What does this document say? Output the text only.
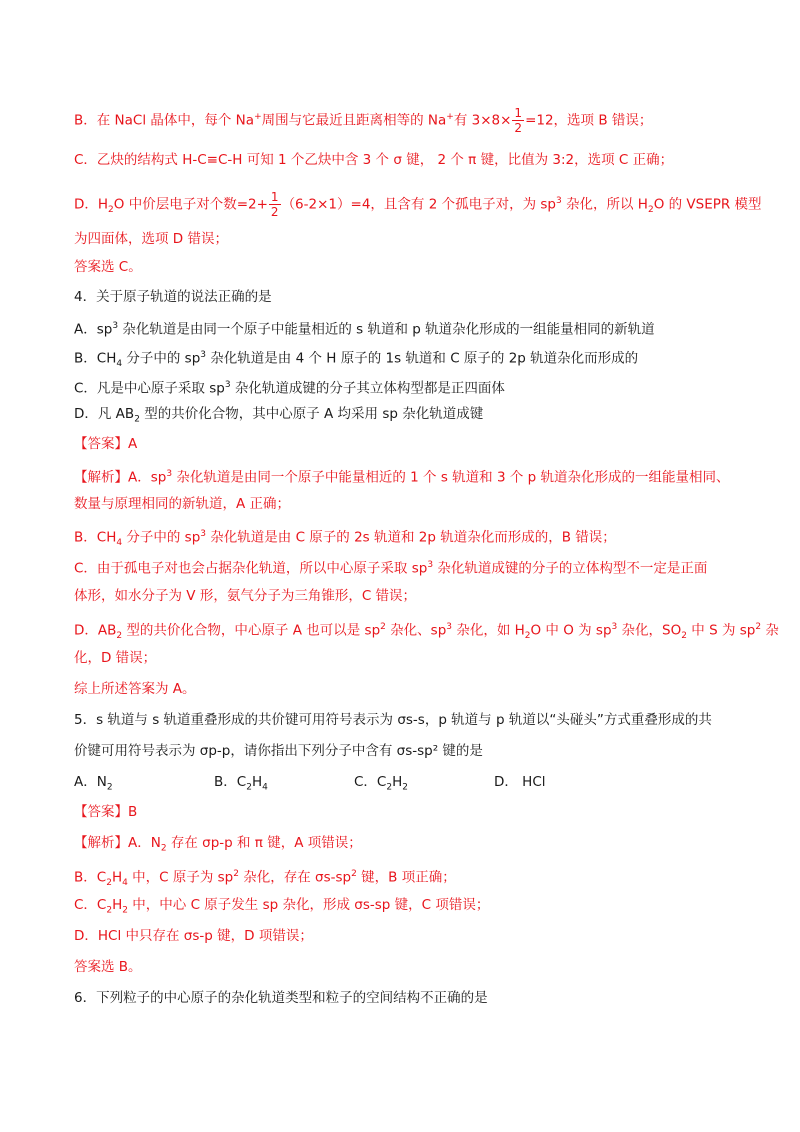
B．在 NaCl 晶体中，每个 Na+周围与它最近且距离相等的 Na+有 $3\times 8\times \frac{1}{2} =12$，选项 B 错误；
C．乙炔的结构式 H-C≡C-H 可知 1 个乙炔中含 3 个 σ 键， 2 个 π 键，比值为 3:2，选项 C 正确；
D．$H_2O$ 中价层电子对个数$=2+ \frac{1}{2} (6-2\times 1)=4$，且含有 2 个孤电子对，为 $sp^3$ 杂化，所以 $H_2O$ 的 VSEPR 模型
为四面体，选项 D 错误；
答案选 C。
4．关于原子轨道的说法正确的是
A．$sp^3$ 杂化轨道是由同一个原子中能量相近的 s 轨道和 p 轨道杂化形成的一组能量相同的新轨道
B．$CH_4$ 分子中的 $sp^3$ 杂化轨道是由 4 个 H 原子的 1s 轨道和 C 原子的 2p 轨道杂化而形成的
C．凡是中心原子采取 $sp^3$ 杂化轨道成键的分子其立体构型都是正四面体
D．凡 $AB_2$ 型的共价化合物，其中心原子 A 均采用 sp 杂化轨道成键
【答案】A
【解析】A．$sp^3$ 杂化轨道是由同一个原子中能量相近的 1 个 s 轨道和 3 个 p 轨道杂化形成的一组能量相同、
数量与原理相同的新轨道，A 正确；
B．$CH_4$ 分子中的 $sp^3$ 杂化轨道是由 C 原子的 2s 轨道和 2p 轨道杂化而形成的，B 错误；
C．由于孤电子对也会占据杂化轨道，所以中心原子采取 $sp^3$ 杂化轨道成键的分子的立体构型不一定是正面
体形，如水分子为 V 形，氨气分子为三角锥形，C 错误；
D．$AB_2$ 型的共价化合物，中心原子 A 也可以是 $sp^2$ 杂化、$sp^3$ 杂化，如 $H_2O$ 中 O 为 $sp^3$ 杂化，$SO_2$ 中 S 为 $sp^2$ 杂
化，D 错误；
综上所述答案为 A。
5．s 轨道与 s 轨道重叠形成的共价键可用符号表示为 σs-s，p 轨道与 p 轨道以“头碰头”方式重叠形成的共
价键可用符号表示为 σp-p，请你指出下列分子中含有 σs-sp² 键的是
A．$N_2$	B．$C_2H_4$	C．$C_2H_2$	D． HCl
【答案】B
【解析】A．$N_2$ 存在 σp-p 和 π 键，A 项错误；
B．$C_2H_4$ 中，C 原子为 $sp^2$ 杂化，存在 $\sigma s-sp^2$ 键，B 项正确；
C．$C_2H_2$ 中，中心 C 原子发生 sp 杂化，形成 σs-sp 键，C 项错误；
D．HCl 中只存在 σs-p 键，D 项错误；
答案选 B。
6．下列粒子的中心原子的杂化轨道类型和粒子的空间结构不正确的是
